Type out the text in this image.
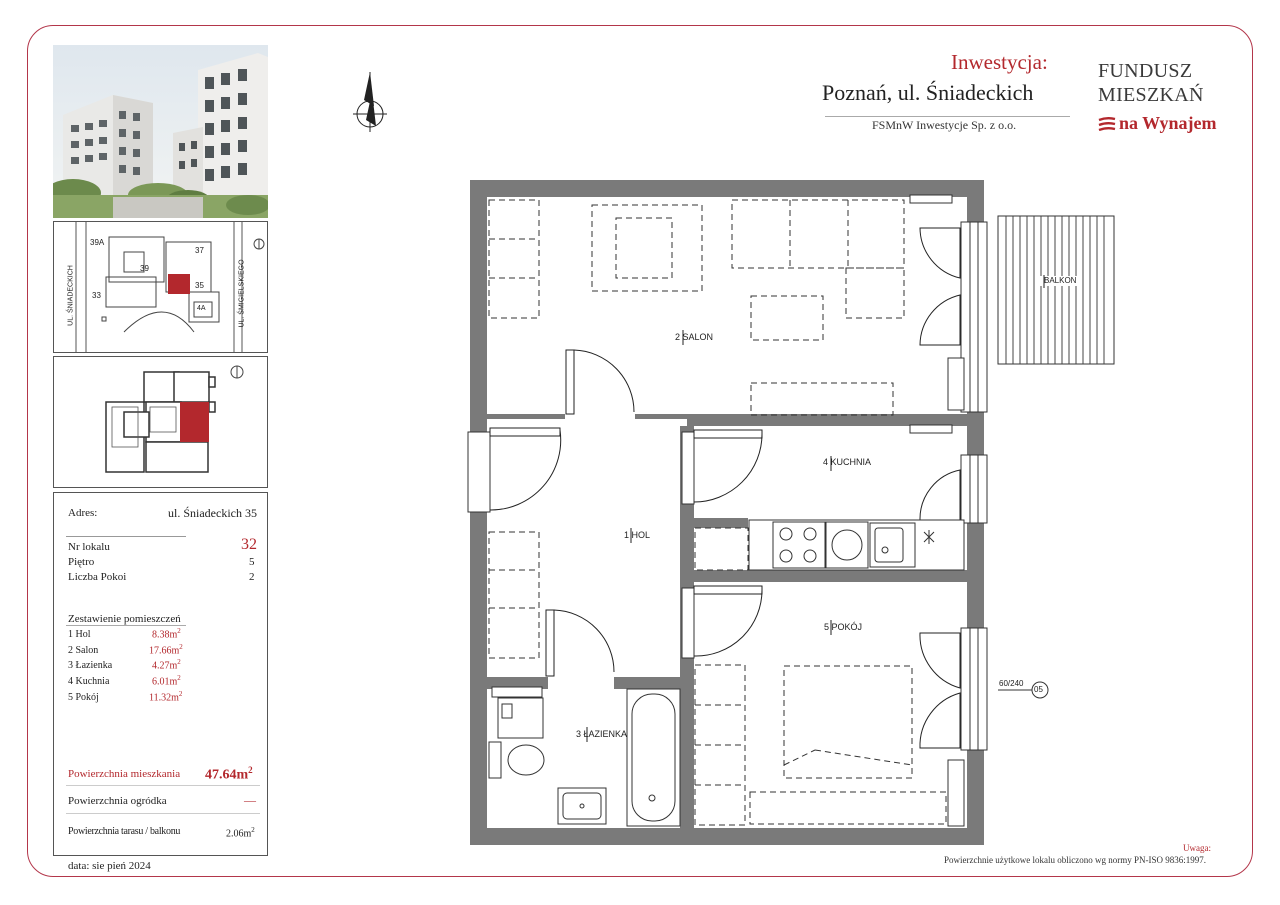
UL. ŚNIADECKICH	UL. ŚMIGIELSKIEGO
39A
39
37
33
35
4A
Adres:	ul. Śniadeckich 35
Nr lokalu	32
Piętro	5
Liczba Pokoi	2
Zestawienie pomieszczeń
1 Hol	$8.38m^2$
2 Salon	$17.66m^2$
3 Łazienka	$4.27m^2$
4 Kuchnia	$6.01m^2$
5 Pokój	$11.32m^2$
Powierzchnia mieszkania $47.64m^2$
Powierzchnia ogródka	—
Powierzchnia tarasu / balkonu	$2.06m^2$
data: sie pień 2024
Inwestycja:
Poznań, ul. Śniadeckich
FSMnW Inwestycje Sp. z o.o.
FUNDUSZ
MIESZKAŃ
na Wynajem
2 SALON
1 HOL
4 KUCHNIA
5 POKÓJ
3 ŁAZIENKA
BALKON
60/240
05
Uwaga:
Powierzchnie użytkowe lokalu obliczono wg normy PN-ISO 9836:1997.
